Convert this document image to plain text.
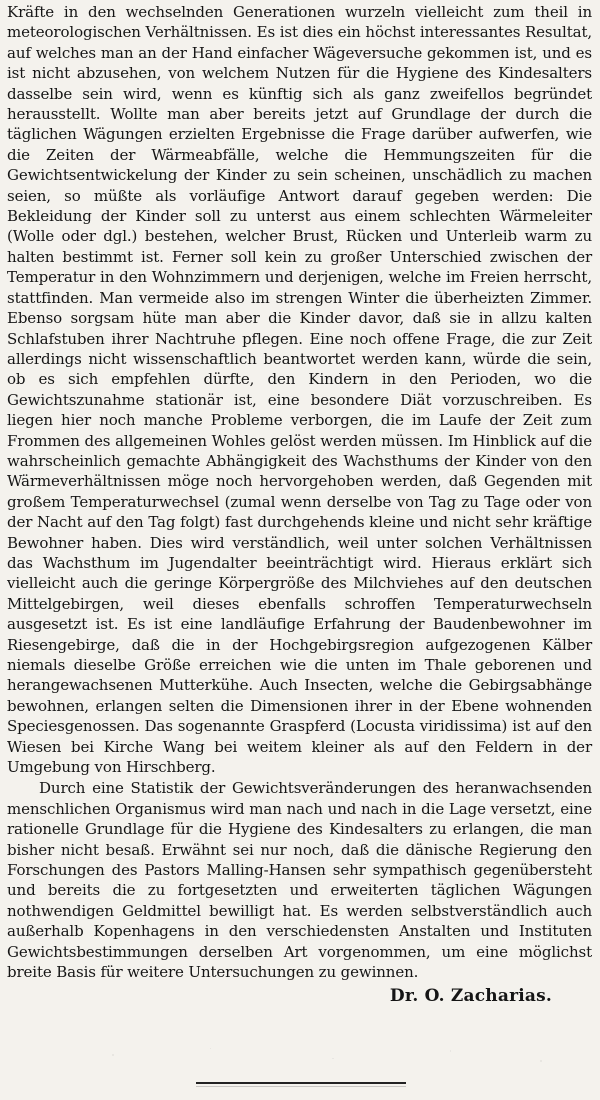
Kräfte in den wechselnden Generationen wurzeln vielleicht zum theil in meteorologischen Verhältnissen. Es ist dies ein höchst interessantes Resultat, auf welches man an der Hand einfacher Wägeversuche gekommen ist, und es ist nicht abzusehen, von welchem Nutzen für die Hygiene des Kindesalters dasselbe sein wird, wenn es künftig sich als ganz zweifellos begründet herausstellt. Wollte man aber bereits jetzt auf Grundlage der durch die täglichen Wägungen erzielten Ergebnisse die Frage darüber aufwerfen, wie die Zeiten der Wärmeabfälle, welche die Hemmungszeiten für die Gewichtsentwickelung der Kinder zu sein scheinen, unschädlich zu machen seien, so müßte als vorläufige Antwort darauf gegeben werden: Die Bekleidung der Kinder soll zu unterst aus einem schlechten Wärmeleiter (Wolle oder dgl.) bestehen, welcher Brust, Rücken und Unterleib warm zu halten bestimmt ist. Ferner soll kein zu großer Unterschied zwischen der Temperatur in den Wohnzimmern und derjenigen, welche im Freien herrscht, stattfinden. Man vermeide also im strengen Winter die überheizten Zimmer. Ebenso sorgsam hüte man aber die Kinder davor, daß sie in allzu kalten Schlafstuben ihrer Nachtruhe pflegen. Eine noch offene Frage, die zur Zeit allerdings nicht wissenschaftlich beantwortet werden kann, würde die sein, ob es sich empfehlen dürfte, den Kindern in den Perioden, wo die Gewichtszunahme stationär ist, eine besondere Diät vorzuschreiben. Es liegen hier noch manche Probleme verborgen, die im Laufe der Zeit zum Frommen des allgemeinen Wohles gelöst werden müssen. Im Hinblick auf die wahrscheinlich gemachte Abhängigkeit des Wachsthums der Kinder von den Wärmeverhältnissen möge noch hervorgehoben werden, daß Gegenden mit großem Temperaturwechsel (zumal wenn derselbe von Tag zu Tage oder von der Nacht auf den Tag folgt) fast durchgehends kleine und nicht sehr kräftige Bewohner haben. Dies wird verständlich, weil unter solchen Verhältnissen das Wachsthum im Jugendalter beeinträchtigt wird. Hieraus erklärt sich vielleicht auch die geringe Körpergröße des Milchviehes auf den deutschen Mittelgebirgen, weil dieses ebenfalls schroffen Temperaturwechseln ausgesetzt ist. Es ist eine landläufige Erfahrung der Baudenbewohner im Riesengebirge, daß die in der Hochgebirgsregion aufgezogenen Kälber niemals dieselbe Größe erreichen wie die unten im Thale geborenen und herangewachsenen Mutterkühe. Auch Insecten, welche die Gebirgsabhänge bewohnen, erlangen selten die Dimensionen ihrer in der Ebene wohnenden Speciesgenossen. Das sogenannte Graspferd (Locusta viridissima) ist auf den Wiesen bei Kirche Wang bei weitem kleiner als auf den Feldern in der Umgebung von Hirschberg.

Durch eine Statistik der Gewichtsveränderungen des heranwachsenden menschlichen Organismus wird man nach und nach in die Lage versetzt, eine rationelle Grundlage für die Hygiene des Kindesalters zu erlangen, die man bisher nicht besaß. Erwähnt sei nur noch, daß die dänische Regierung den Forschungen des Pastors Malling-Hansen sehr sympathisch gegenübersteht und bereits die zu fortgesetzten und erweiterten täglichen Wägungen nothwendigen Geldmittel bewilligt hat. Es werden selbstverständlich auch außerhalb Kopenhagens in den verschiedensten Anstalten und Instituten Gewichtsbestimmungen derselben Art vorgenommen, um eine möglichst breite Basis für weitere Untersuchungen zu gewinnen.

Dr. O. Zacharias.
